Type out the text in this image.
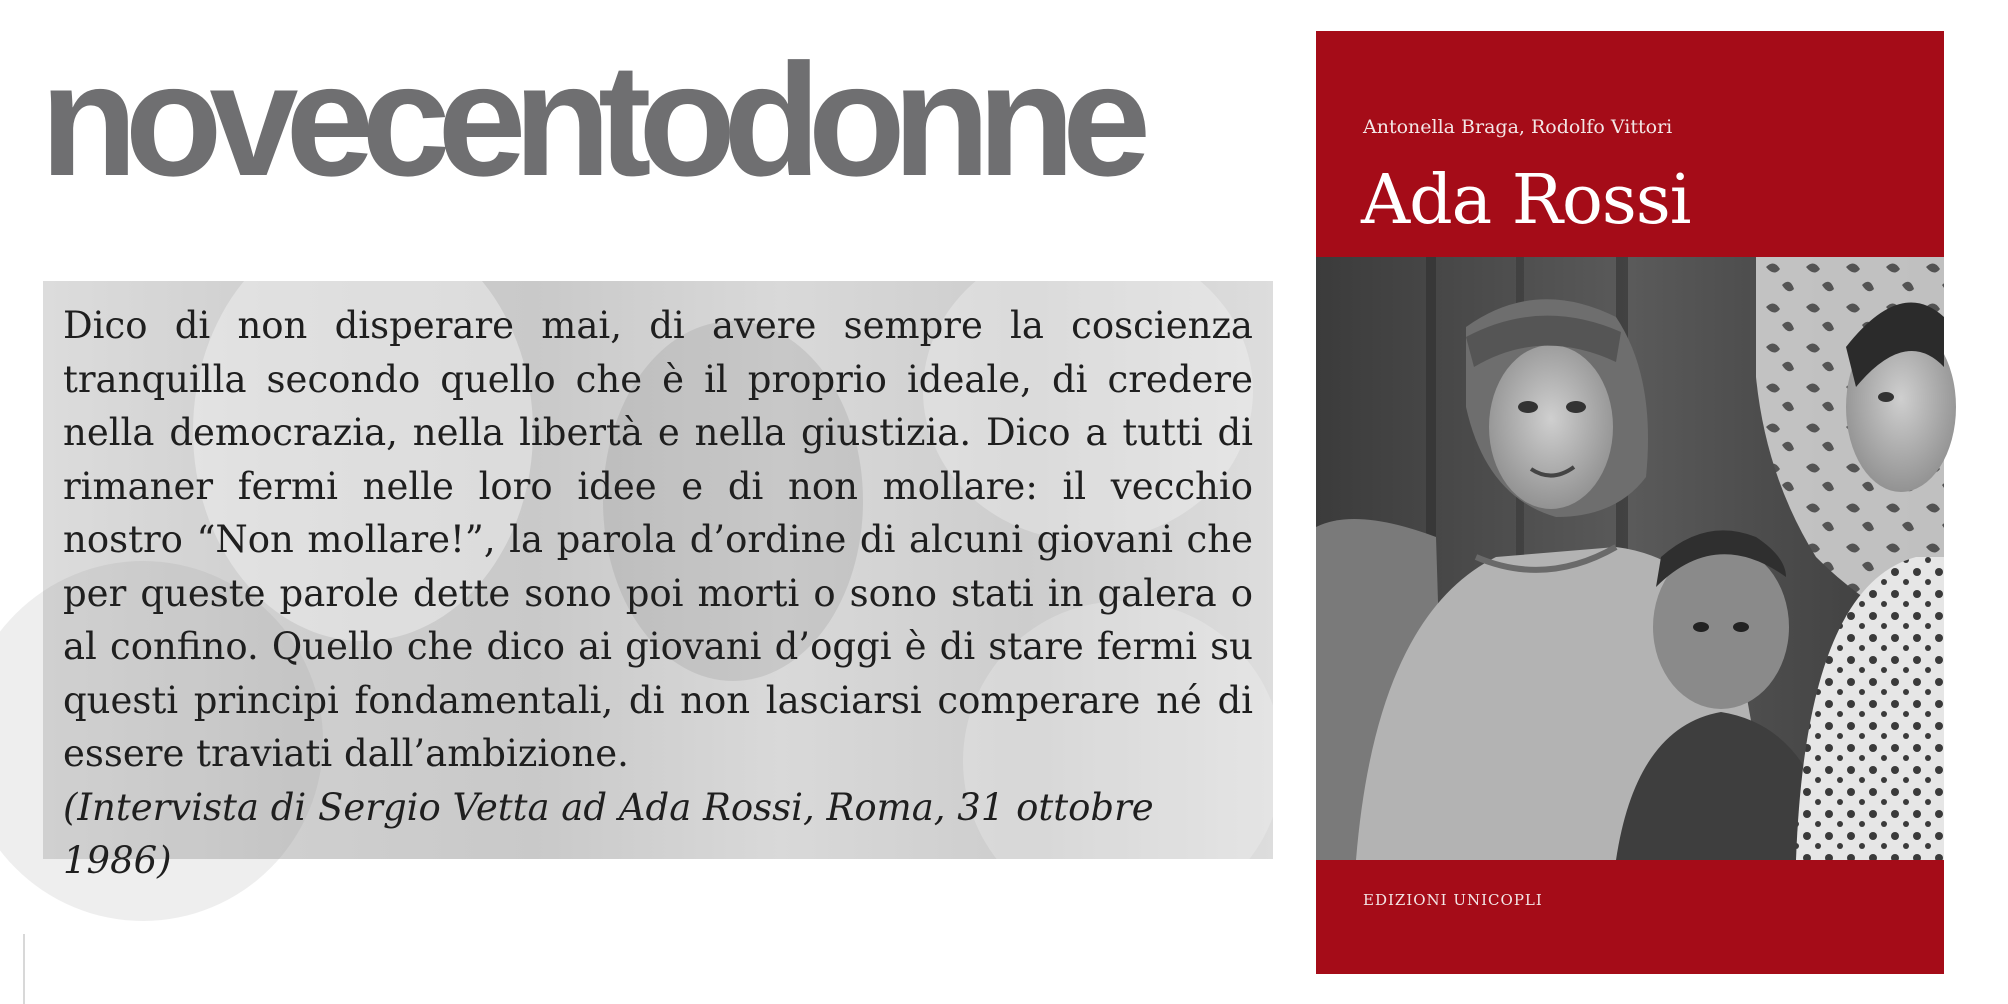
novecentodonne

Dico di non disperare mai, di avere sempre la coscienza tranquilla secondo quello che è il proprio ideale, di credere nella democrazia, nella libertà e nella giustizia. Dico a tutti di rimaner fermi nelle loro idee e di non mollare: il vecchio nostro “Non mollare!”, la parola d’ordine di alcuni giovani che per queste parole dette sono poi morti o sono stati in galera o al confino. Quello che dico ai giovani d’oggi è di stare fermi su questi principi fondamentali, di non lasciarsi comperare né di essere traviati dall’ambizione.
(Intervista di Sergio Vetta ad Ada Rossi, Roma, 31 ottobre 1986)

Antonella Braga, Rodolfo Vittori
Ada Rossi
EDIZIONI UNICOPLI
